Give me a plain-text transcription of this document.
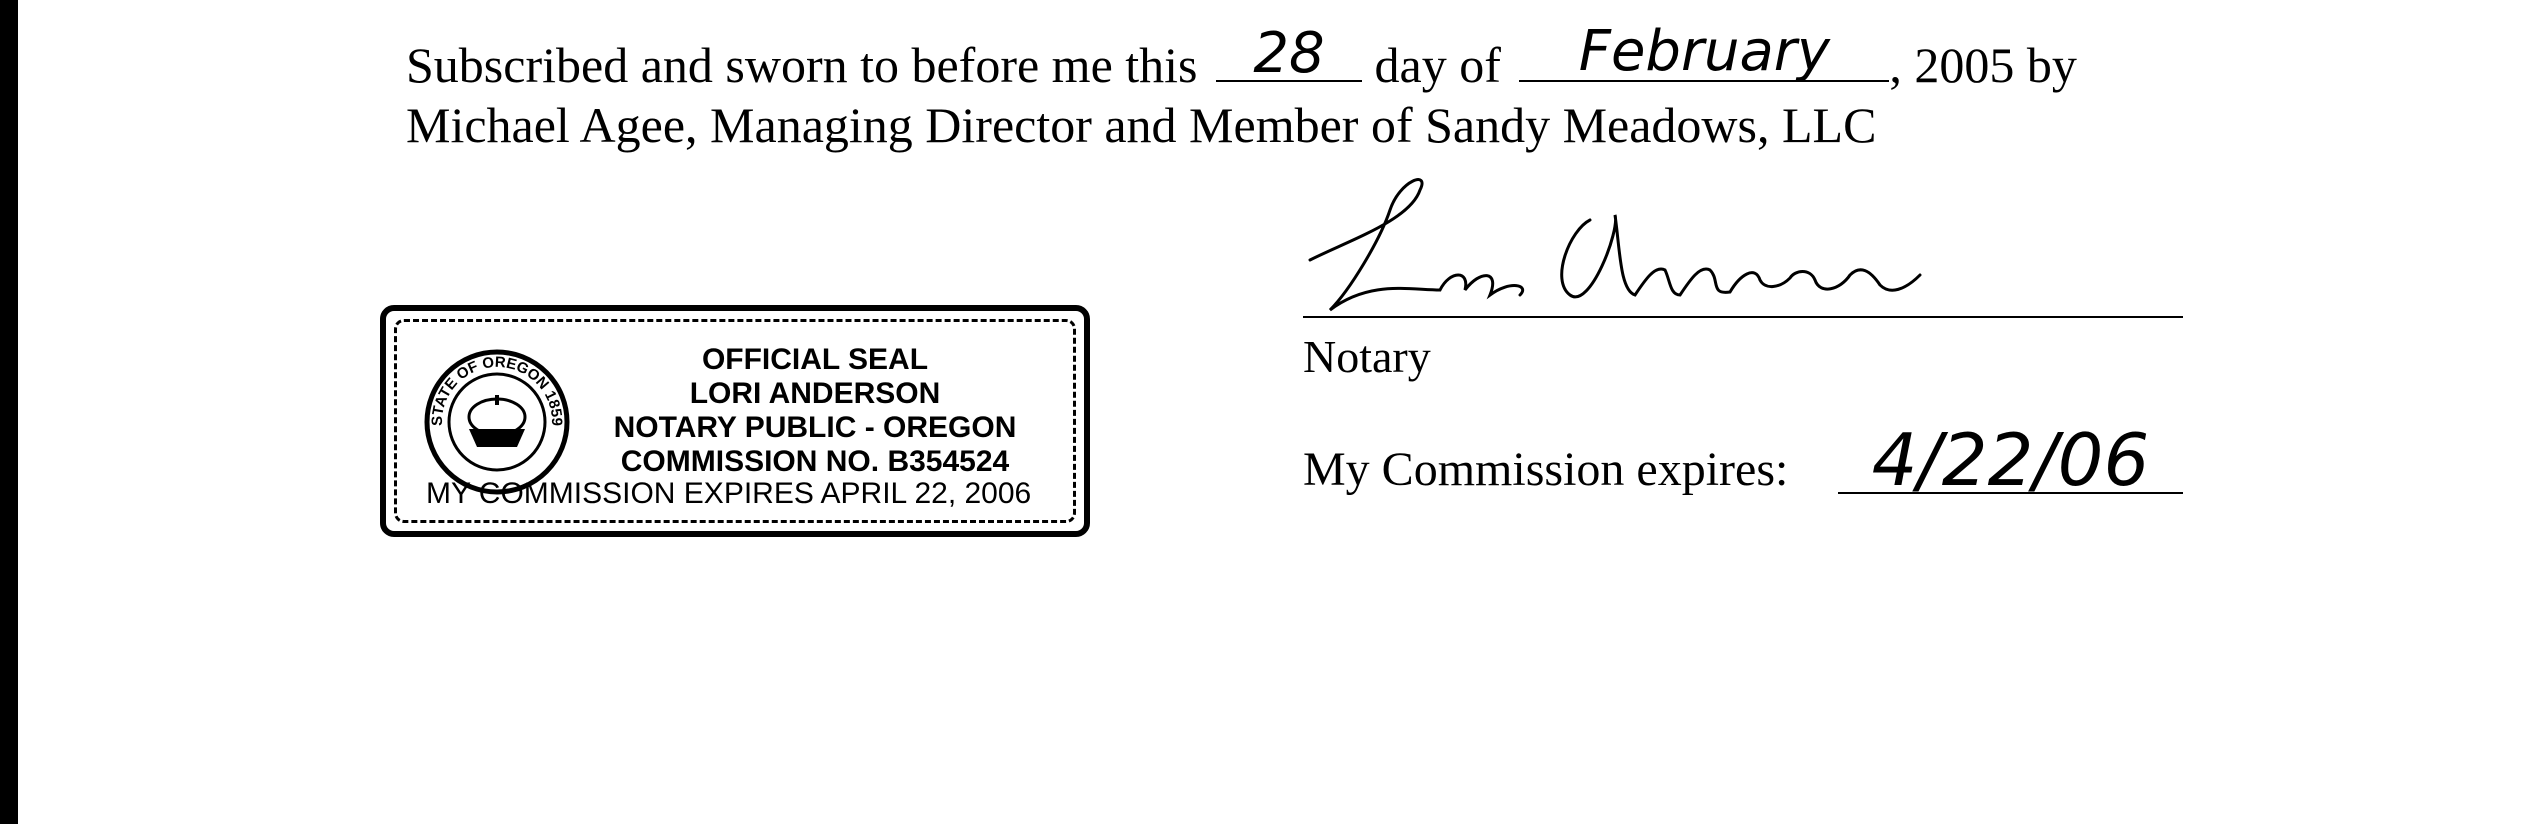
Subscribed and sworn to before me this 28 day of	February	, 2005 by
Michael Agee, Managing Director and Member of Sandy Meadows, LLC
STATE OF OREGON 1859
OFFICIAL SEAL
LORI ANDERSON
NOTARY PUBLIC - OREGON
COMMISSION NO. B354524
MY COMMISSION EXPIRES APRIL 22, 2006
Notary
My Commission expires:	4/22/06
